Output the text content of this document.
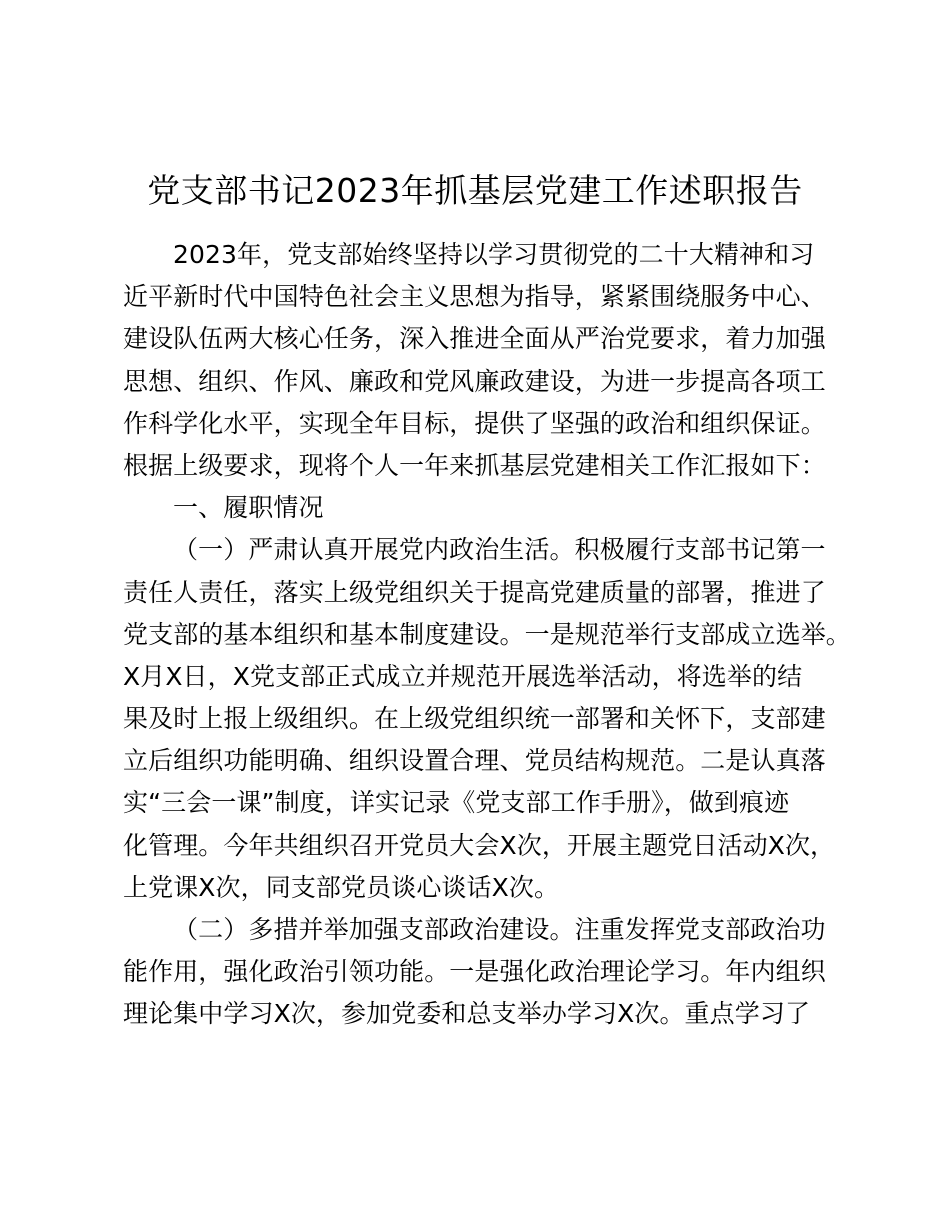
党支部书记2023年抓基层党建工作述职报告
2023年，党支部始终坚持以学习贯彻党的二十大精神和习
近平新时代中国特色社会主义思想为指导，紧紧围绕服务中心、
建设队伍两大核心任务，深入推进全面从严治党要求，着力加强
思想、组织、作风、廉政和党风廉政建设，为进一步提高各项工
作科学化水平，实现全年目标，提供了坚强的政治和组织保证。
根据上级要求，现将个人一年来抓基层党建相关工作汇报如下：
一、履职情况
（一）严肃认真开展党内政治生活。积极履行支部书记第一
责任人责任，落实上级党组织关于提高党建质量的部署，推进了
党支部的基本组织和基本制度建设。一是规范举行支部成立选举。
X月X日，X党支部正式成立并规范开展选举活动，将选举的结
果及时上报上级组织。在上级党组织统一部署和关怀下，支部建
立后组织功能明确、组织设置合理、党员结构规范。二是认真落
实“三会一课”制度，详实记录《党支部工作手册》，做到痕迹
化管理。今年共组织召开党员大会X次，开展主题党日活动X次，
上党课X次，同支部党员谈心谈话X次。
（二）多措并举加强支部政治建设。注重发挥党支部政治功
能作用，强化政治引领功能。一是强化政治理论学习。年内组织
理论集中学习X次，参加党委和总支举办学习X次。重点学习了
